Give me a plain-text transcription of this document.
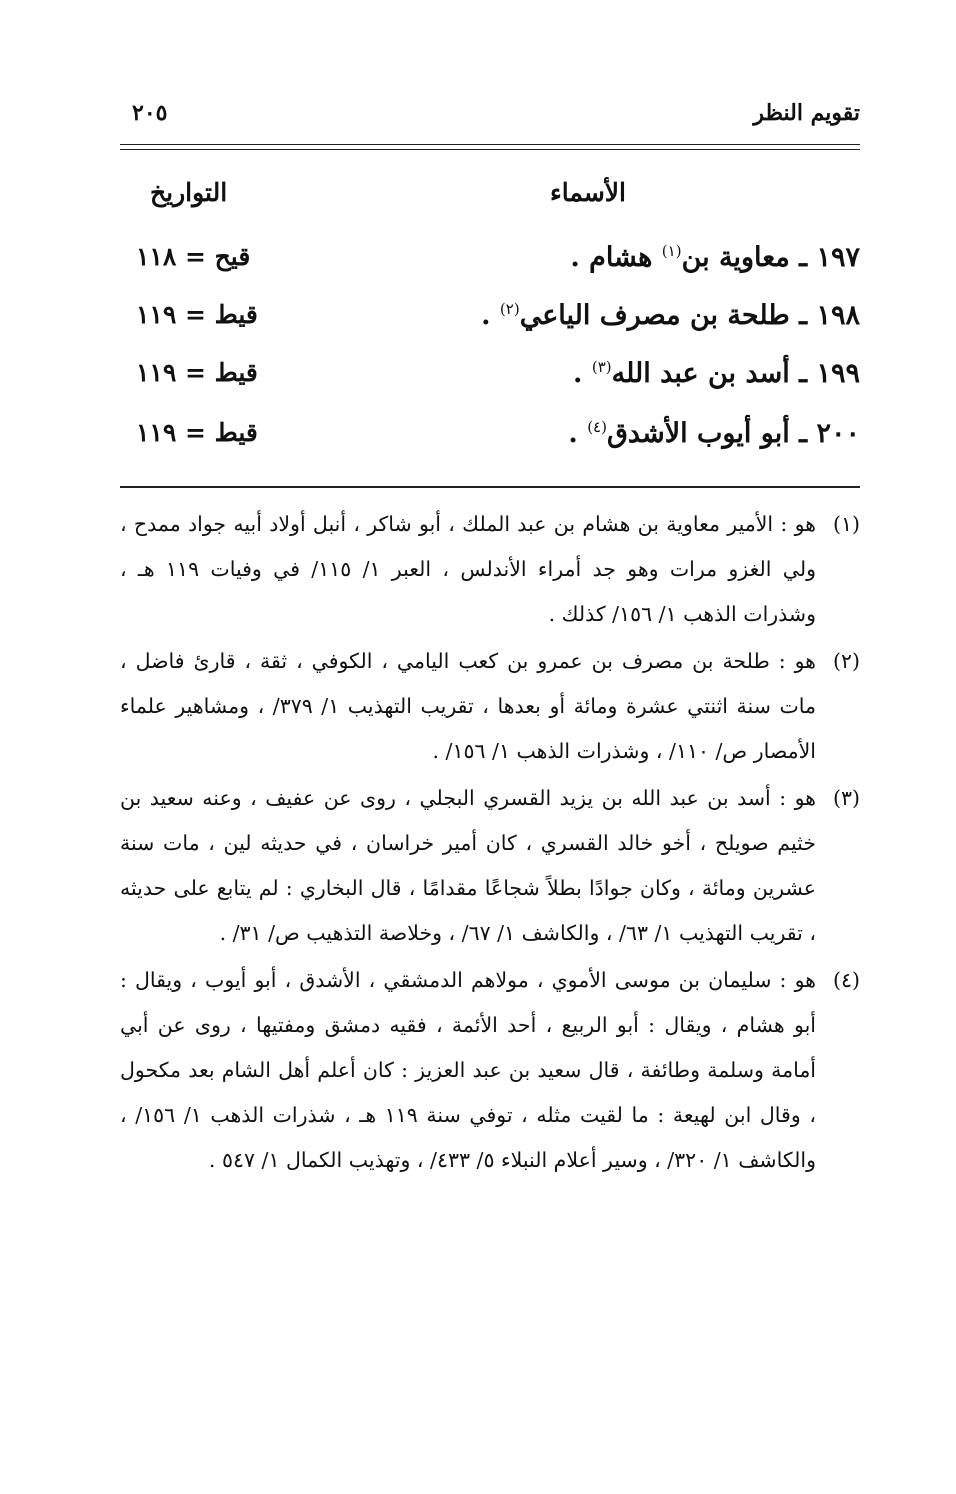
تقويم النظر
٢٠٥
الأسماء
التواريخ
١٩٧ ـ معاوية بن$^{(١)}$ هشام .
قيح = ١١٨
١٩٨ ـ طلحة بن مصرف الياعي$^{(٢)}$ .
قيط = ١١٩
١٩٩ ـ أسد بن عبد الله$^{(٣)}$ .
قيط = ١١٩
٢٠٠ ـ أبو أيوب الأشدق$^{(٤)}$ .
قيط = ١١٩
(١)
هو : الأمير معاوية بن هشام بن عبد الملك ، أبو شاكر ، أنبل أولاد أبيه جواد ممدح ، ولي الغزو مرات وهو جد أمراء الأندلس ، العبر ١/ ١١٥/ في وفيات ١١٩ هـ ، وشذرات الذهب ١/ ١٥٦/ كذلك .
(٢)
هو : طلحة بن مصرف بن عمرو بن كعب اليامي ، الكوفي ، ثقة ، قارئ فاضل ، مات سنة اثنتي عشرة ومائة أو بعدها ، تقريب التهذيب ١/ ٣٧٩/ ، ومشاهير علماء الأمصار ص/ ١١٠/ ، وشذرات الذهب ١/ ١٥٦/ .
(٣)
هو : أسد بن عبد الله بن يزيد القسري البجلي ، روى عن عفيف ، وعنه سعيد بن خثيم صويلح ، أخو خالد القسري ، كان أمير خراسان ، في حديثه لين ، مات سنة عشرين ومائة ، وكان جوادًا بطلاً شجاعًا مقدامًا ، قال البخاري : لم يتابع على حديثه ، تقريب التهذيب ١/ ٦٣/ ، والكاشف ١/ ٦٧/ ، وخلاصة التذهيب ص/ ٣١/ .
(٤)
هو : سليمان بن موسى الأموي ، مولاهم الدمشقي ، الأشدق ، أبو أيوب ، ويقال : أبو هشام ، ويقال : أبو الربيع ، أحد الأئمة ، فقيه دمشق ومفتيها ، روى عن أبي أمامة وسلمة وطائفة ، قال سعيد بن عبد العزيز : كان أعلم أهل الشام بعد مكحول ، وقال ابن لهيعة : ما لقيت مثله ، توفي سنة ١١٩ هـ ، شذرات الذهب ١/ ١٥٦/ ، والكاشف ١/ ٣٢٠/ ، وسير أعلام النبلاء ٥/ ٤٣٣/ ، وتهذيب الكمال ١/ ٥٤٧ .
